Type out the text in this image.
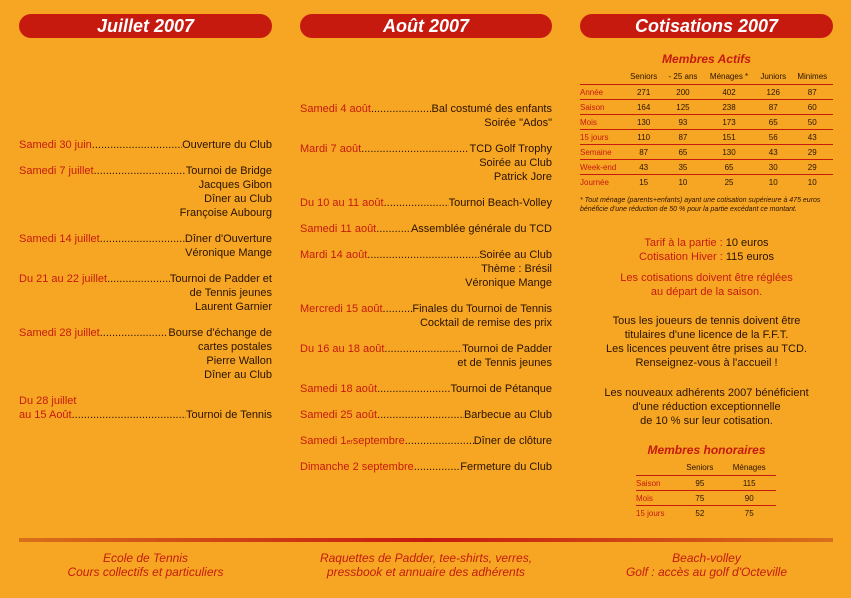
Juillet 2007
Samedi 30 juin .....	Ouverture du Club
Samedi 7 juillet .....	Tournoi de Bridge
Jacques Gibon
Dîner au Club
Françoise Aubourg
Samedi 14 juillet .....	Dîner d'Ouverture
Véronique Mange
Du 21 au 22 juillet .....	Tournoi de Padder et
de Tennis jeunes
Laurent Garnier
Samedi 28 juillet .....	Bourse d'échange de
cartes postales
Pierre Wallon
Dîner au Club
Du 28 juillet
au 15 Août .....	Tournoi de Tennis
Août 2007
Samedi 4 août .....	Bal costumé des enfants
Soirée "Ados"
Mardi 7 août .....	TCD Golf Trophy
Soirée au Club
Patrick Jore
Du 10 au 11 août .....	Tournoi Beach-Volley
Samedi 11 août .....	Assemblée générale du TCD
Mardi 14 août .....	Soirée au Club
Thème : Brésil
Véronique Mange
Mercredi 15 août .....	Finales du Tournoi de Tennis
Cocktail de remise des prix
Du 16 au 18 août .....	Tournoi de Padder
et de Tennis jeunes
Samedi 18 août .....	Tournoi de Pétanque
Samedi 25 août .....	Barbecue au Club
Samedi 1 er septembre .....	Dîner de clôture
Dimanche 2 septembre .....	Fermeture du Club
Cotisations 2007
Membres Actifs
	Seniors	- 25 ans	Ménages *	Juniors	Minimes
Année	271	200	402	126	87
Saison	164	125	238	87	60
Mois	130	93	173	65	50
15 jours	110	87	151	56	43
Semaine	87	65	130	43	29
Week-end	43	35	65	30	29
Journée	15	10	25	10	10
* Tout ménage (parents+enfants) ayant une cotisation supérieure à 475 euros bénéficie d'une réduction de 50 % pour la partie excédant ce montant.
Tarif à la partie : 10 euros
Cotisation Hiver : 115 euros
Les cotisations doivent être réglées
au départ de la saison.
Tous les joueurs de tennis doivent être
titulaires d'une licence de la F.F.T.
Les licences peuvent être prises au TCD.
Renseignez-vous à l'accueil !
Les nouveaux adhérents 2007 bénéficient
d'une réduction exceptionnelle
de 10 % sur leur cotisation.
Membres honoraires
	Seniors	Ménages
Saison	95	115
Mois	75	90
15 jours	52	75
Ecole de Tennis
Cours collectifs et particuliers
Raquettes de Padder, tee-shirts, verres,
pressbook et annuaire des adhérents
Beach-volley
Golf : accès au golf d'Octeville
